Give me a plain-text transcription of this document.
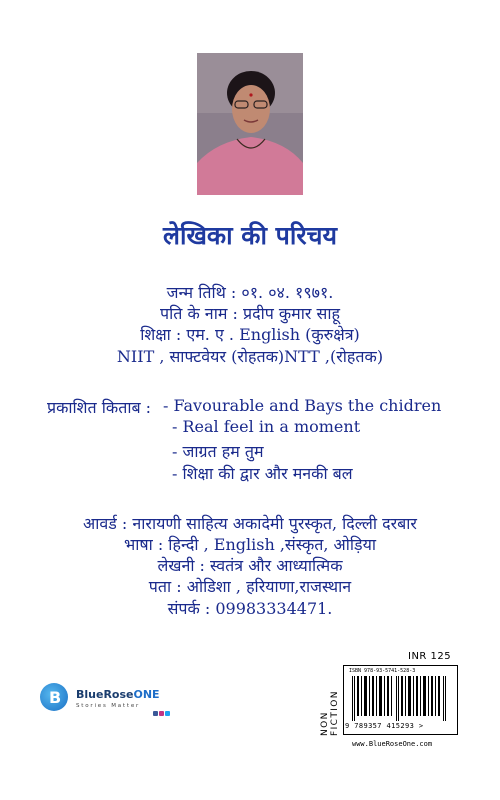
लेखिका की परिचय
जन्म तिथि : ०१. ०४. १९७१.
पति के नाम : प्रदीप कुमार साहू
शिक्षा : एम. ए . English (कुरुक्षेत्र)
NIIT , साफ्टवेयर (रोहतक)NTT ,(रोहतक)
प्रकाशित किताब : - Favourable and Bays the chidren
- Real feel in a moment
- जाग्रत हम तुम
- शिक्षा की द्वार और मनकी बल
आवर्ड : नारायणी साहित्य अकादेमी पुरस्कृत, दिल्ली दरबार
भाषा : हिन्दी , English ,संस्कृत, ओड़िया
लेखनी : स्वतंत्र और आध्यात्मिक
पता : ओडिशा , हरियाणा,राजस्थान
संपर्क : 09983334471.
B BlueRoseONE
Stories Matter
INR 125
NON FICTION
ISBN 978-93-5741-528-3
9 789357 415293 >
www.BlueRoseOne.com
